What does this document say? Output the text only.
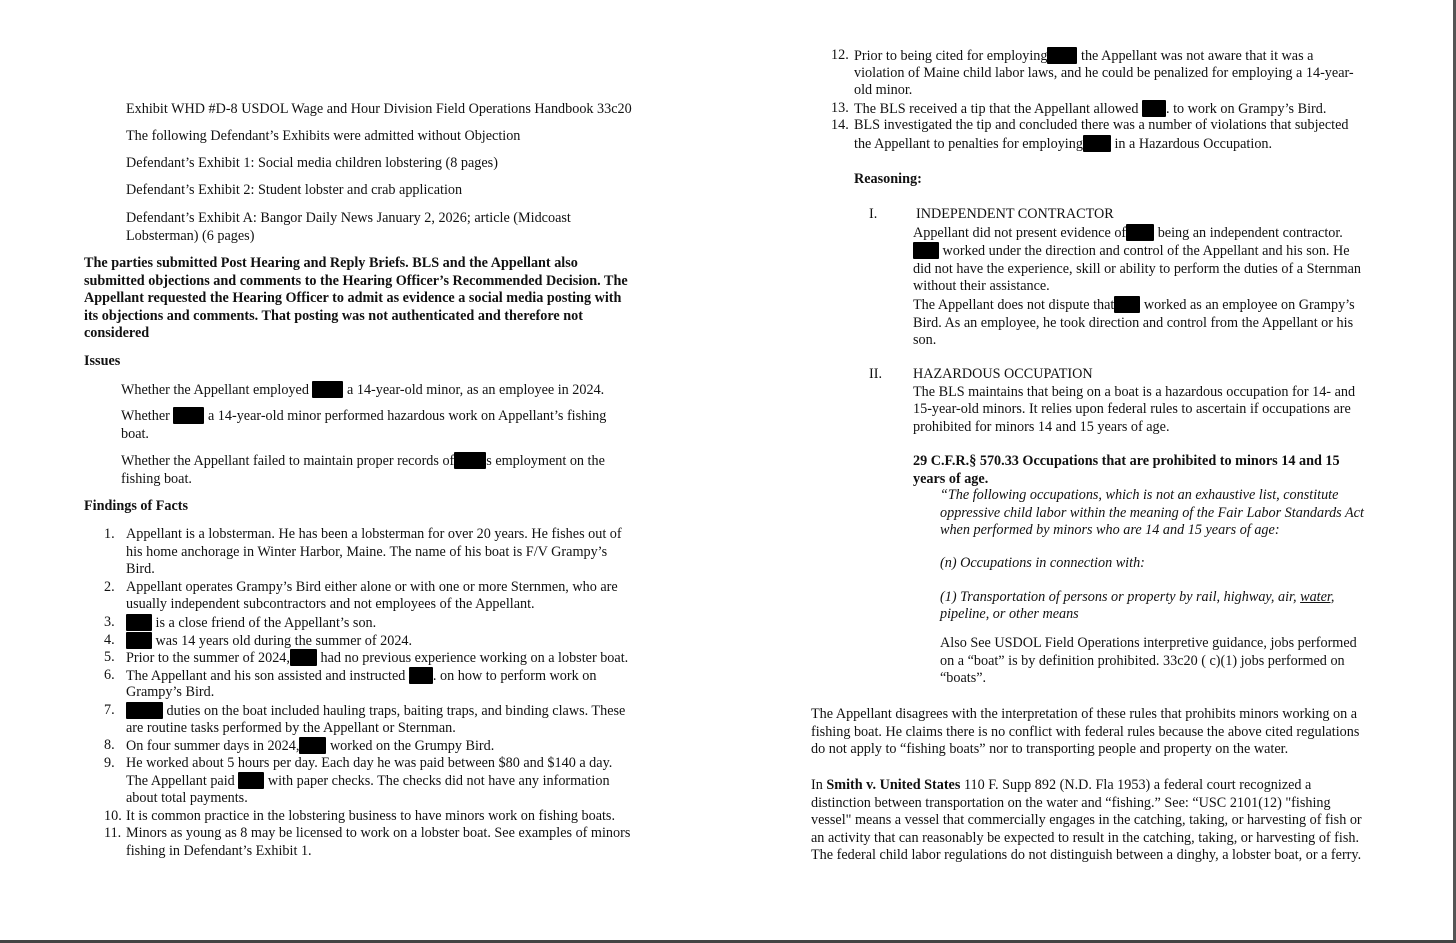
Exhibit WHD #D-8 USDOL Wage and Hour Division Field Operations Handbook 33c20

The following Defendant’s Exhibits were admitted without Objection

Defendant’s Exhibit 1: Social media children lobstering (8 pages)

Defendant’s Exhibit 2: Student lobster and crab application

Defendant’s Exhibit A: Bangor Daily News January 2, 2026; article (Midcoast

Lobsterman) (6 pages)

The parties submitted Post Hearing and Reply Briefs. BLS and the Appellant also
submitted objections and comments to the Hearing Officer’s Recommended Decision. The
Appellant requested the Hearing Officer to admit as evidence a social media posting with
its objections and comments. That posting was not authenticated and therefore not
considered
Issues
Whether the Appellant employed	a 14-year-old minor, as an employee in 2024.
Whether	a 14-year-old minor performed hazardous work on Appellant’s fishing
boat.
Whether the Appellant failed to maintain proper records of s employment on the
fishing boat.
Findings of Facts
1. Appellant is a lobsterman. He has been a lobsterman for over 20 years. He fishes out of
his home anchorage in Winter Harbor, Maine. The name of his boat is F/V Grampy’s
Bird.
2. Appellant operates Grampy’s Bird either alone or with one or more Sternmen, who are
usually independent subcontractors and not employees of the Appellant.
3.	is a close friend of the Appellant’s son.
4.	was 14 years old during the summer of 2024.
5. Prior to the summer of 2024, had no previous experience working on a lobster boat.
6. The Appellant and his son assisted and instructed . on how to perform work on
Grampy’s Bird.
7.	duties on the boat included hauling traps, baiting traps, and binding claws. These
are routine tasks performed by the Appellant or Sternman.
8. On four summer days in 2024, worked on the Grumpy Bird.
9. He worked about 5 hours per day. Each day he was paid between $80 and $140 a day.
The Appellant paid with paper checks. The checks did not have any information
about total payments.
10. It is common practice in the lobstering business to have minors work on fishing boats.
11. Minors as young as 8 may be licensed to work on a lobster boat. See examples of minors
fishing in Defendant’s Exhibit 1.
12. Prior to being cited for employing the Appellant was not aware that it was a
violation of Maine child labor laws, and he could be penalized for employing a 14-year-
old minor.
13. The BLS received a tip that the Appellant allowed . to work on Grampy’s Bird.
14. BLS investigated the tip and concluded there was a number of violations that subjected
the Appellant to penalties for employing in a Hazardous Occupation.
Reasoning:
I.	INDEPENDENT CONTRACTOR
Appellant did not present evidence of being an independent contractor.
worked under the direction and control of the Appellant and his son. He
did not have the experience, skill or ability to perform the duties of a Sternman
without their assistance.
The Appellant does not dispute that worked as an employee on Grampy’s
Bird. As an employee, he took direction and control from the Appellant or his
son.
II. HAZARDOUS OCCUPATION
The BLS maintains that being on a boat is a hazardous occupation for 14- and
15-year-old minors. It relies upon federal rules to ascertain if occupations are
prohibited for minors 14 and 15 years of age.
29 C.F.R.§ 570.33 Occupations that are prohibited to minors 14 and 15
years of age.
“The following occupations, which is not an exhaustive list, constitute
oppressive child labor within the meaning of the Fair Labor Standards Act
when performed by minors who are 14 and 15 years of age:
(n) Occupations in connection with:
(1) Transportation of persons or property by rail, highway, air, water,
pipeline, or other means
Also See USDOL Field Operations interpretive guidance, jobs performed
on a “boat” is by definition prohibited. 33c20 ( c)(1) jobs performed on
“boats”.
The Appellant disagrees with the interpretation of these rules that prohibits minors working on a
fishing boat. He claims there is no conflict with federal rules because the above cited regulations
do not apply to “fishing boats” nor to transporting people and property on the water.
In Smith v. United States 110 F. Supp 892 (N.D. Fla 1953) a federal court recognized a
distinction between transportation on the water and “fishing.” See: “USC 2101(12) "fishing
vessel" means a vessel that commercially engages in the catching, taking, or harvesting of fish or
an activity that can reasonably be expected to result in the catching, taking, or harvesting of fish.
The federal child labor regulations do not distinguish between a dinghy, a lobster boat, or a ferry.
